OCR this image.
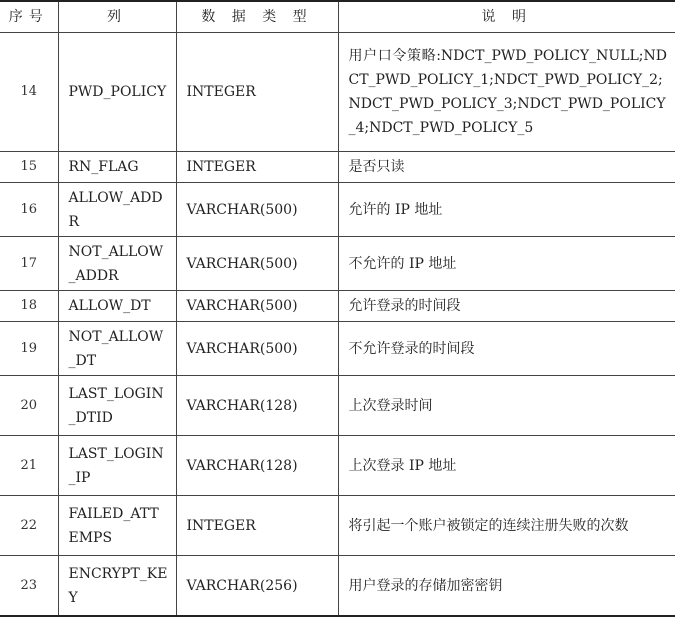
序号	列	数 据 类 型	说 明
14	PWD_POLICY	INTEGER	用户口令策略:NDCT_PWD_POLICY_NULL;NDCT_PWD_POLICY_1;NDCT_PWD_POLICY_2;NDCT_PWD_POLICY_3;NDCT_PWD_POLICY_4;NDCT_PWD_POLICY_5
15	RN_FLAG	INTEGER	是否只读
16	ALLOW_ADDR	VARCHAR(500)	允许的 IP 地址
17	NOT_ALLOW_ADDR	VARCHAR(500)	不允许的 IP 地址
18	ALLOW_DT	VARCHAR(500)	允许登录的时间段
19	NOT_ALLOW_DT	VARCHAR(500)	不允许登录的时间段
20	LAST_LOGIN_DTID	VARCHAR(128)	上次登录时间
21	LAST_LOGIN_IP	VARCHAR(128)	上次登录 IP 地址
22	FAILED_ATTEMPS	INTEGER	将引起一个账户被锁定的连续注册失败的次数
23	ENCRYPT_KEY	VARCHAR(256)	用户登录的存储加密密钥
